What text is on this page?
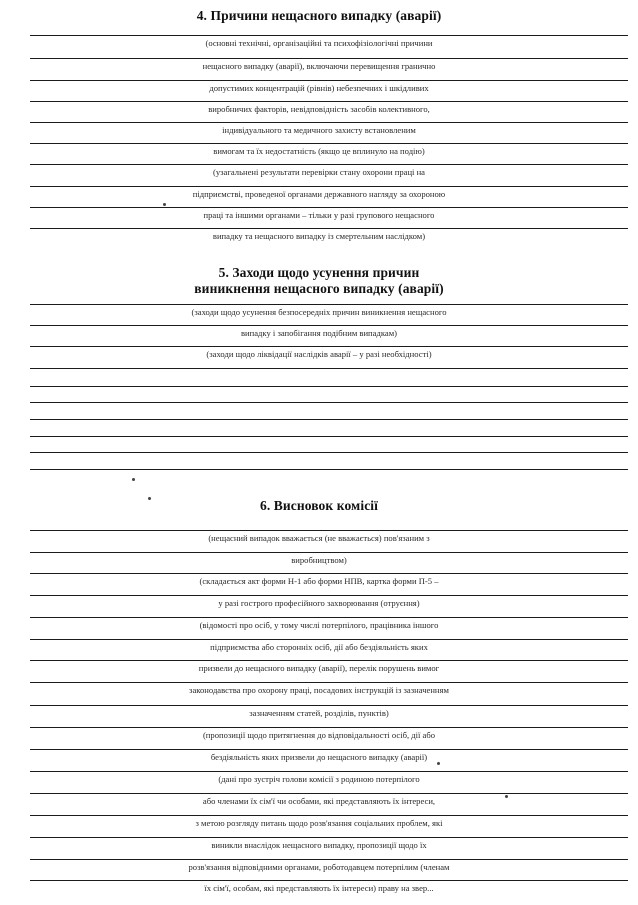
4. Причини нещасного випадку (аварії)
(основні технічні, організаційні та психофізіологічні причини
нещасного випадку (аварії), включаючи перевищення гранично
допустимих концентрацій (рівнів) небезпечних і шкідливих
виробничих факторів, невідповідність засобів колективного,
індивідуального та медичного захисту встановленим
вимогам та їх недостатність (якщо це вплинуло на подію)
(узагальнені результати перевірки стану охорони праці на
підприємстві, проведеної органами державного нагляду за охороною
праці та іншими органами – тільки у разі групового нещасного
випадку та нещасного випадку із смертельним наслідком)
5. Заходи щодо усунення причин
виникнення нещасного випадку (аварії)
(заходи щодо усунення безпосередніх причин виникнення нещасного
випадку і запобігання подібним випадкам)
(заходи щодо ліквідації наслідків аварії – у разі необхідності)
6. Висновок комісії
(нещасний випадок вважається (не вважається) пов'язаним з
виробництвом)
(складається акт форми Н-1 або форми НПВ, картка форми П-5 –
у разі гострого професійного захворювання (отруєння)
(відомості про осіб, у тому числі потерпілого, працівника іншого
підприємства або сторонніх осіб, дії або бездіяльність яких
призвели до нещасного випадку (аварії), перелік порушень вимог
законодавства про охорону праці, посадових інструкцій із зазначенням
зазначенням статей, розділів, пунктів)
(пропозиції щодо притягнення до відповідальності осіб, дії або
бездіяльність яких призвели до нещасного випадку (аварії)
(дані про зустріч голови комісії з родиною потерпілого
або членами їх сім'ї чи особами, які представляють їх інтереси,
з метою розгляду питань щодо розв'язання соціальних проблем, які
виникли внаслідок нещасного випадку, пропозиції щодо їх
розв'язання відповідними органами, роботодавцем потерпілим (членам
їх сім'ї, особам, які представляють їх інтереси) праву на звер...
